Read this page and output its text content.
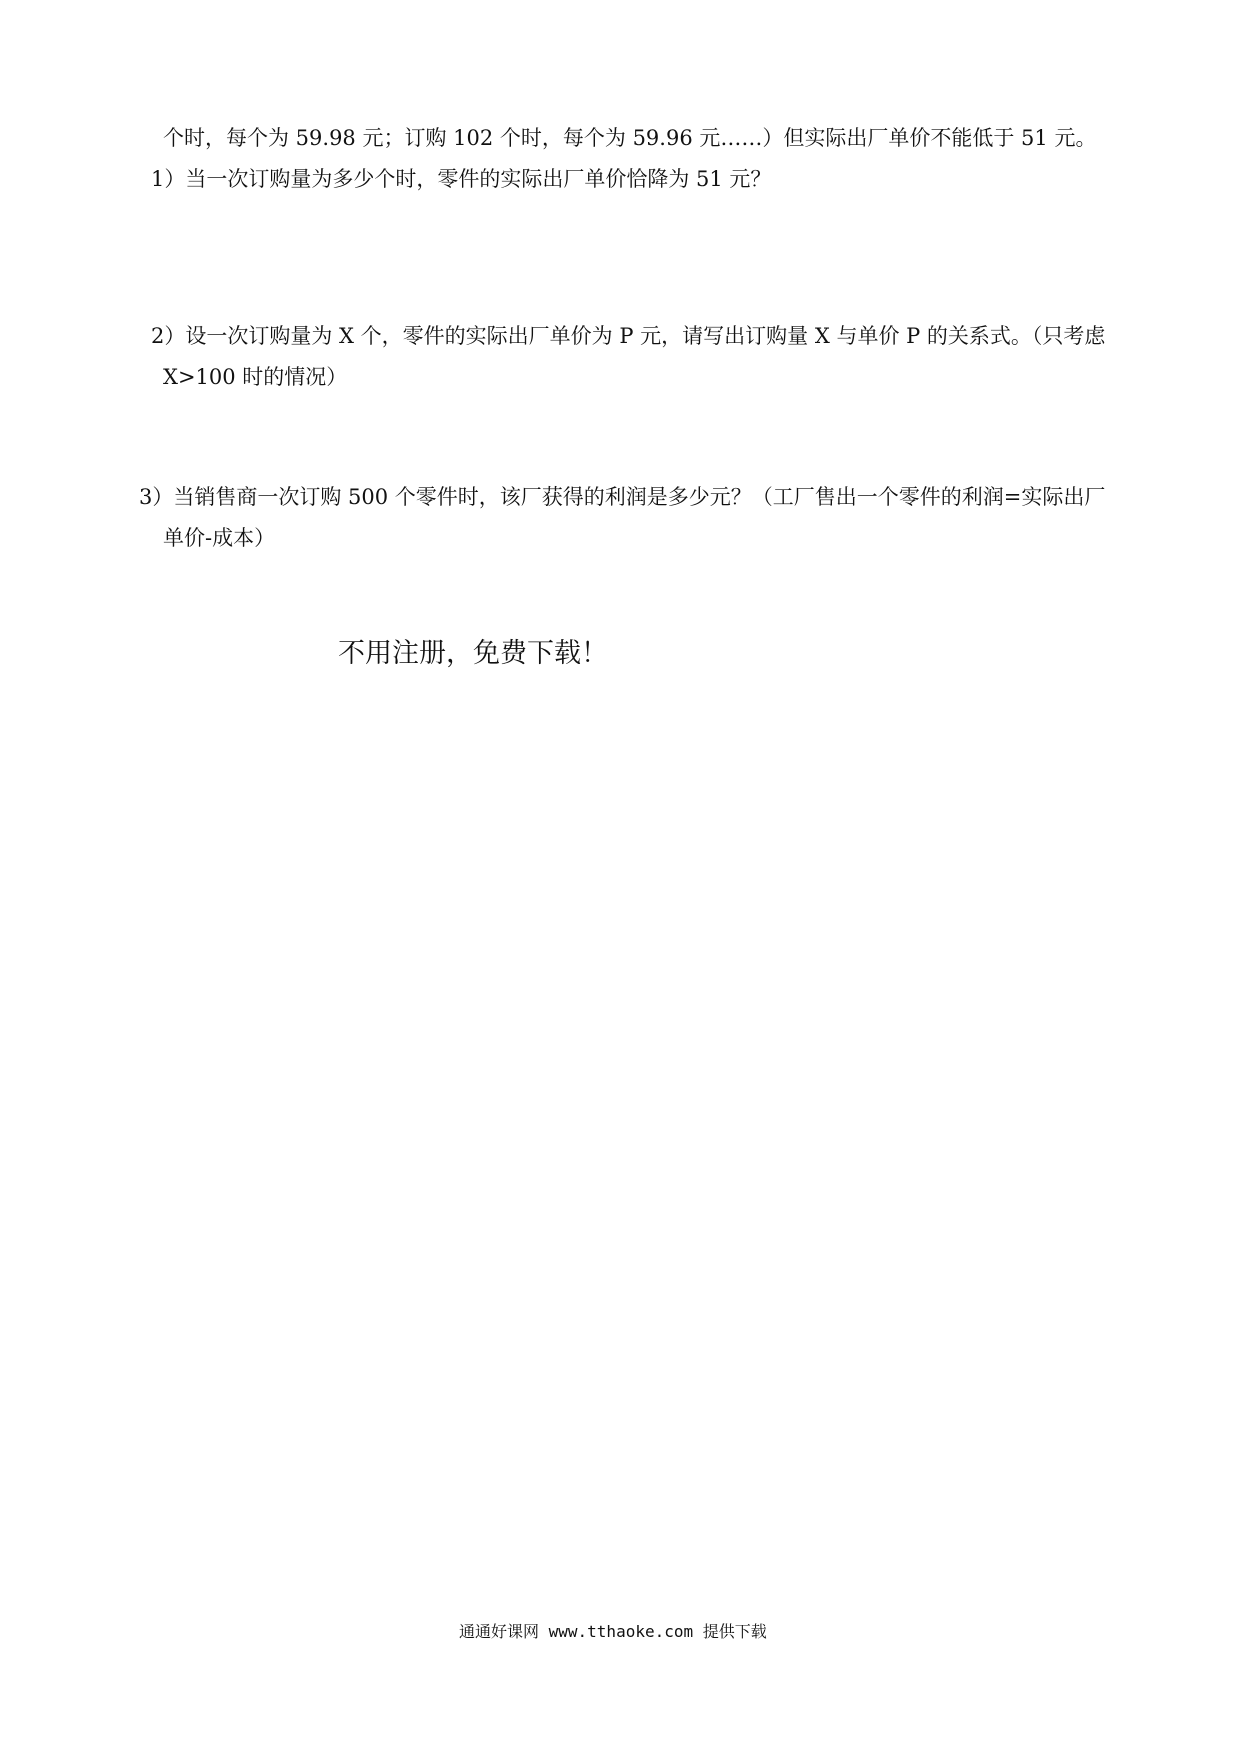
个时，每个为 59.98 元；订购 102 个时，每个为 59.96 元……）但实际出厂单价不能低于 51 元。
1）当一次订购量为多少个时，零件的实际出厂单价恰降为 51 元？
2）设一次订购量为 X 个，零件的实际出厂单价为 P 元，请写出订购量 X 与单价 P 的关系式。（只考虑
X>100 时的情况）
3）当销售商一次订购 500 个零件时，该厂获得的利润是多少元？（工厂售出一个零件的利润=实际出厂
单价-成本）
不用注册，免费下载！
通通好课网 www.tthaoke.com 提供下载
